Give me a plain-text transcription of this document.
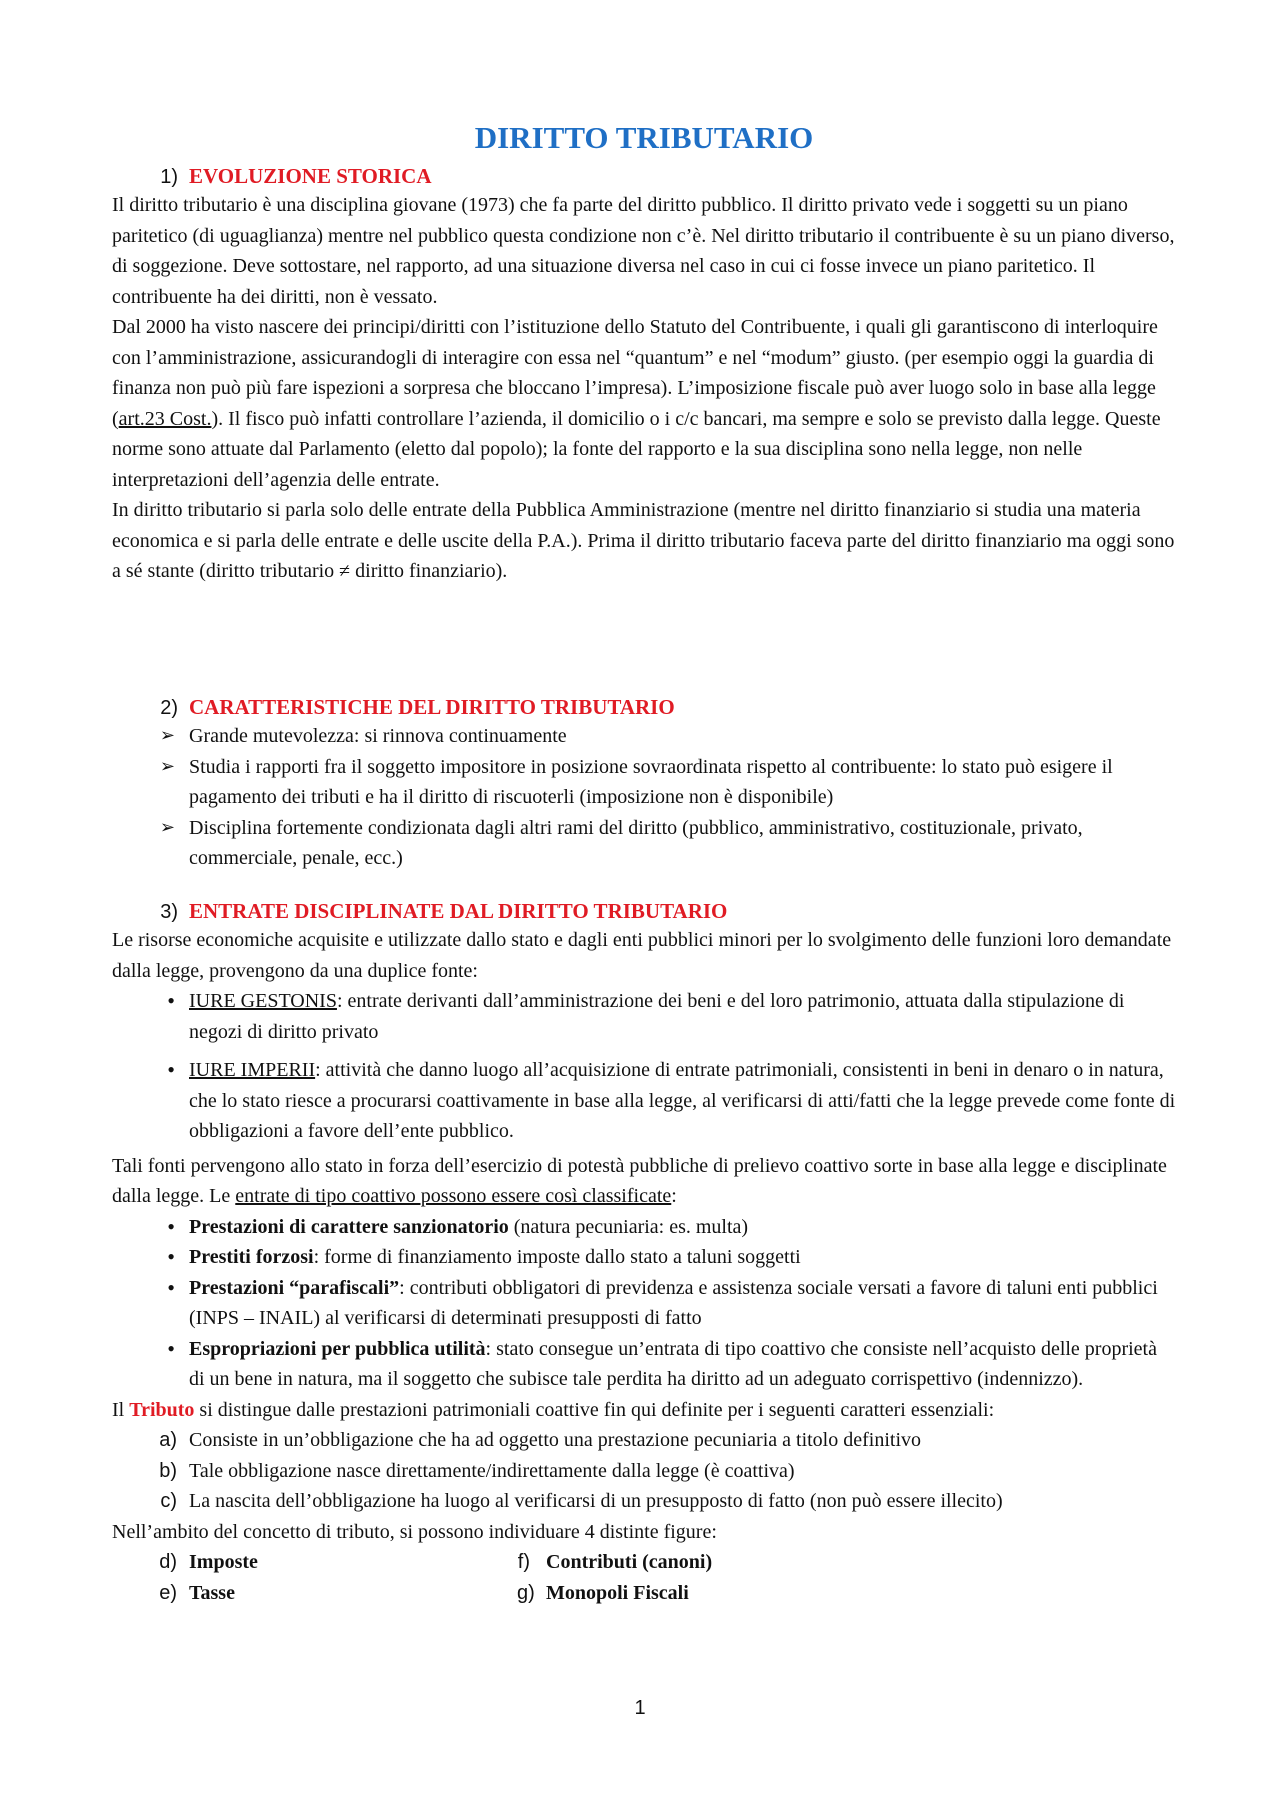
DIRITTO TRIBUTARIO
1) EVOLUZIONE STORICA

Il diritto tributario è una disciplina giovane (1973) che fa parte del diritto pubblico. Il diritto privato vede i soggetti su un piano paritetico (di uguaglianza) mentre nel pubblico questa condizione non c’è. Nel diritto tributario il contribuente è su un piano diverso, di soggezione. Deve sottostare, nel rapporto, ad una situazione diversa nel caso in cui ci fosse invece un piano paritetico. Il contribuente ha dei diritti, non è vessato.

Dal 2000 ha visto nascere dei principi/diritti con l’istituzione dello Statuto del Contribuente, i quali gli garantiscono di interloquire con l’amministrazione, assicurandogli di interagire con essa nel “quantum” e nel “modum” giusto. (per esempio oggi la guardia di finanza non può più fare ispezioni a sorpresa che bloccano l’impresa). L’imposizione fiscale può aver luogo solo in base alla legge (art.23 Cost.). Il fisco può infatti controllare l’azienda, il domicilio o i c/c bancari, ma sempre e solo se previsto dalla legge. Queste norme sono attuate dal Parlamento (eletto dal popolo); la fonte del rapporto e la sua disciplina sono nella legge, non nelle interpretazioni dell’agenzia delle entrate.

In diritto tributario si parla solo delle entrate della Pubblica Amministrazione (mentre nel diritto finanziario si studia una materia economica e si parla delle entrate e delle uscite della P.A.). Prima il diritto tributario faceva parte del diritto finanziario ma oggi sono a sé stante (diritto tributario ≠ diritto finanziario).

2) CARATTERISTICHE DEL DIRITTO TRIBUTARIO
➢ Grande mutevolezza: si rinnova continuamente
➢ Studia i rapporti fra il soggetto impositore in posizione sovraordinata rispetto al contribuente: lo stato può esigere il pagamento dei tributi e ha il diritto di riscuoterli (imposizione non è disponibile)
➢ Disciplina fortemente condizionata dagli altri rami del diritto (pubblico, amministrativo, costituzionale, privato, commerciale, penale, ecc.)
3) ENTRATE DISCIPLINATE DAL DIRITTO TRIBUTARIO

Le risorse economiche acquisite e utilizzate dallo stato e dagli enti pubblici minori per lo svolgimento delle funzioni loro demandate dalla legge, provengono da una duplice fonte:

• IURE GESTONIS: entrate derivanti dall’amministrazione dei beni e del loro patrimonio, attuata dalla stipulazione di negozi di diritto privato
• IURE IMPERII: attività che danno luogo all’acquisizione di entrate patrimoniali, consistenti in beni in denaro o in natura, che lo stato riesce a procurarsi coattivamente in base alla legge, al verificarsi di atti/fatti che la legge prevede come fonte di obbligazioni a favore dell’ente pubblico.

Tali fonti pervengono allo stato in forza dell’esercizio di potestà pubbliche di prelievo coattivo sorte in base alla legge e disciplinate dalla legge. Le entrate di tipo coattivo possono essere così classificate:

• Prestazioni di carattere sanzionatorio (natura pecuniaria: es. multa)
• Prestiti forzosi: forme di finanziamento imposte dallo stato a taluni soggetti
• Prestazioni “parafiscali”: contributi obbligatori di previdenza e assistenza sociale versati a favore di taluni enti pubblici (INPS – INAIL) al verificarsi di determinati presupposti di fatto
• Espropriazioni per pubblica utilità: stato consegue un’entrata di tipo coattivo che consiste nell’acquisto delle proprietà di un bene in natura, ma il soggetto che subisce tale perdita ha diritto ad un adeguato corrispettivo (indennizzo).

Il Tributo si distingue dalle prestazioni patrimoniali coattive fin qui definite per i seguenti caratteri essenziali:

a) Consiste in un’obbligazione che ha ad oggetto una prestazione pecuniaria a titolo definitivo
b) Tale obbligazione nasce direttamente/indirettamente dalla legge (è coattiva)
c) La nascita dell’obbligazione ha luogo al verificarsi di un presupposto di fatto (non può essere illecito)

Nell’ambito del concetto di tributo, si possono individuare 4 distinte figure:

d) Imposte
e) Tasse
f) Contributi (canoni)
g) Monopoli Fiscali
1
